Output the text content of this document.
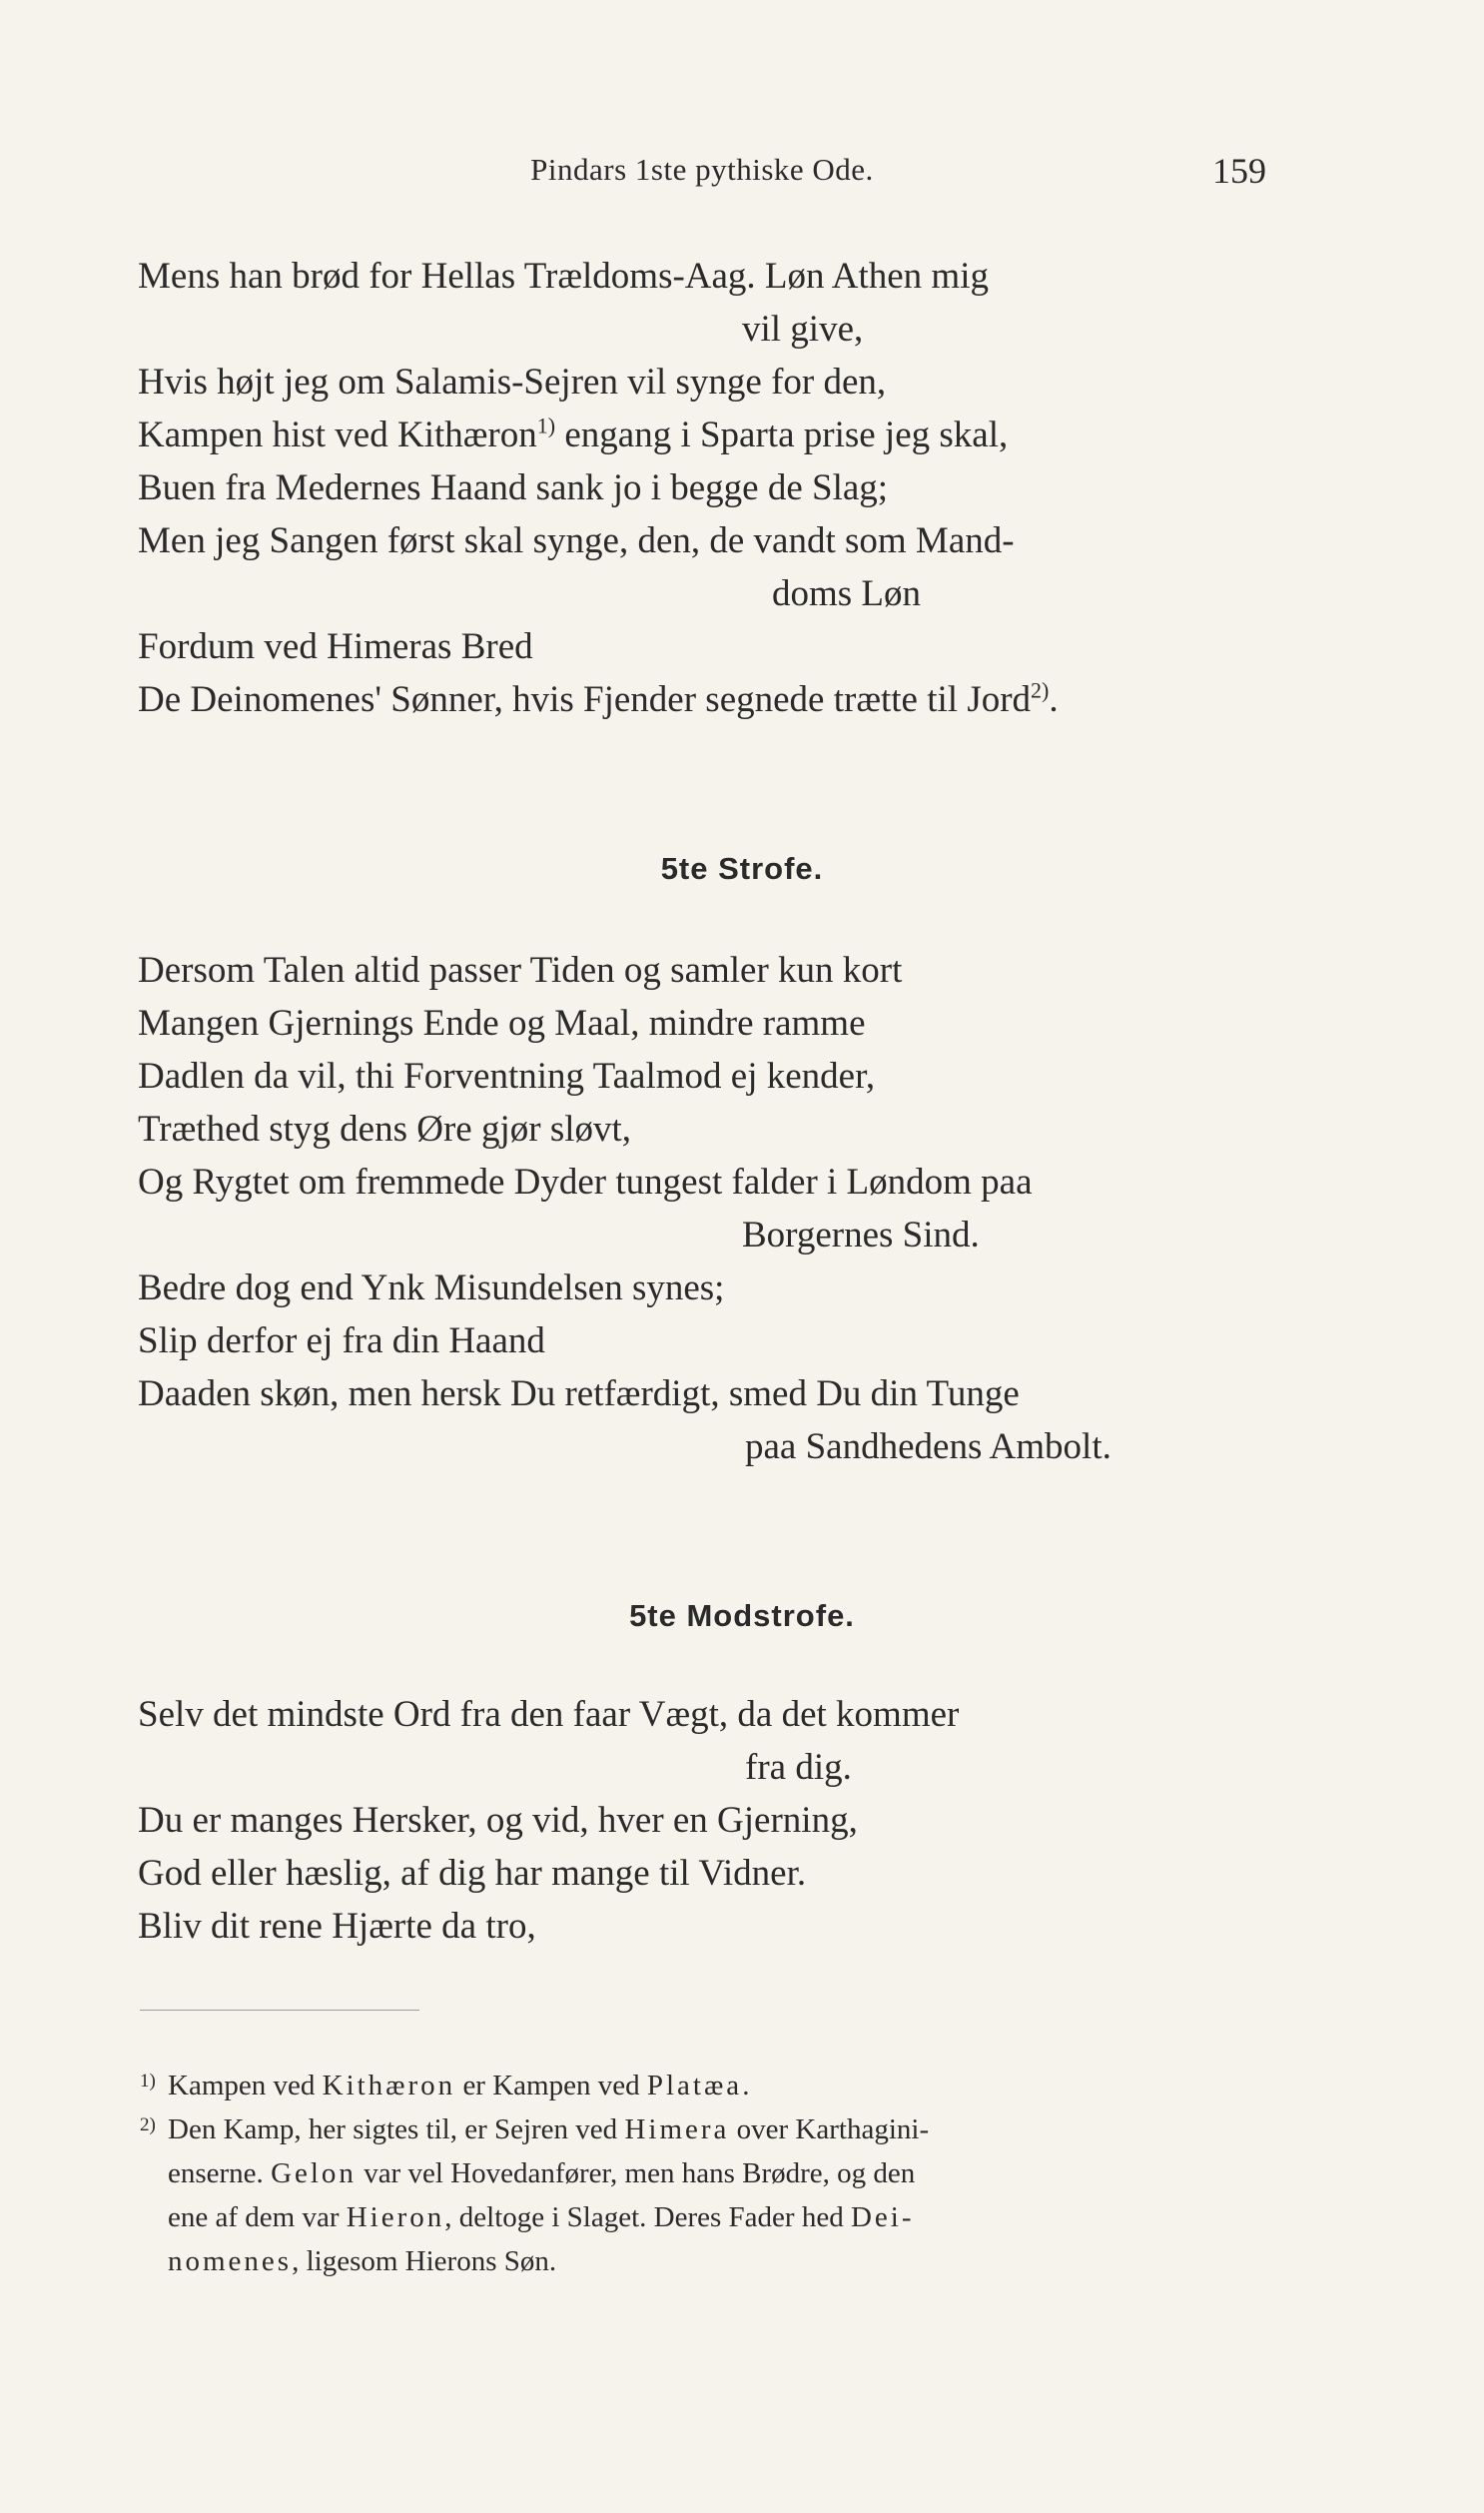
Pindars 1ste pythiske Ode.	159
Mens han brød for Hellas Trældoms-Aag. Løn Athen mig
vil give,
Hvis højt jeg om Salamis-Sejren vil synge for den,
Kampen hist ved Kithæron$^{1)}$ engang i Sparta prise jeg skal,
Buen fra Medernes Haand sank jo i begge de Slag;
Men jeg Sangen først skal synge, den, de vandt som Mand-
doms Løn
Fordum ved Himeras Bred
De Deinomenes' Sønner, hvis Fjender segnede trætte til Jord$^{2)}$.
5te Strofe.
Dersom Talen altid passer Tiden og samler kun kort
Mangen Gjernings Ende og Maal, mindre ramme
Dadlen da vil, thi Forventning Taalmod ej kender,
Træthed styg dens Øre gjør sløvt,
Og Rygtet om fremmede Dyder tungest falder i Løndom paa
Borgernes Sind.
Bedre dog end Ynk Misundelsen synes;
Slip derfor ej fra din Haand
Daaden skøn, men hersk Du retfærdigt, smed Du din Tunge
paa Sandhedens Ambolt.
5te Modstrofe.
Selv det mindste Ord fra den faar Vægt, da det kommer
fra dig.
Du er manges Hersker, og vid, hver en Gjerning,
God eller hæslig, af dig har mange til Vidner.
Bliv dit rene Hjærte da tro,
1) Kampen ved Kithæron er Kampen ved Platæa.
2) Den Kamp, her sigtes til, er Sejren ved Himera over Karthagini-
enserne. Gelon var vel Hovedanfører, men hans Brødre, og den
ene af dem var Hieron, deltoge i Slaget. Deres Fader hed Dei-
nomenes, ligesom Hierons Søn.
